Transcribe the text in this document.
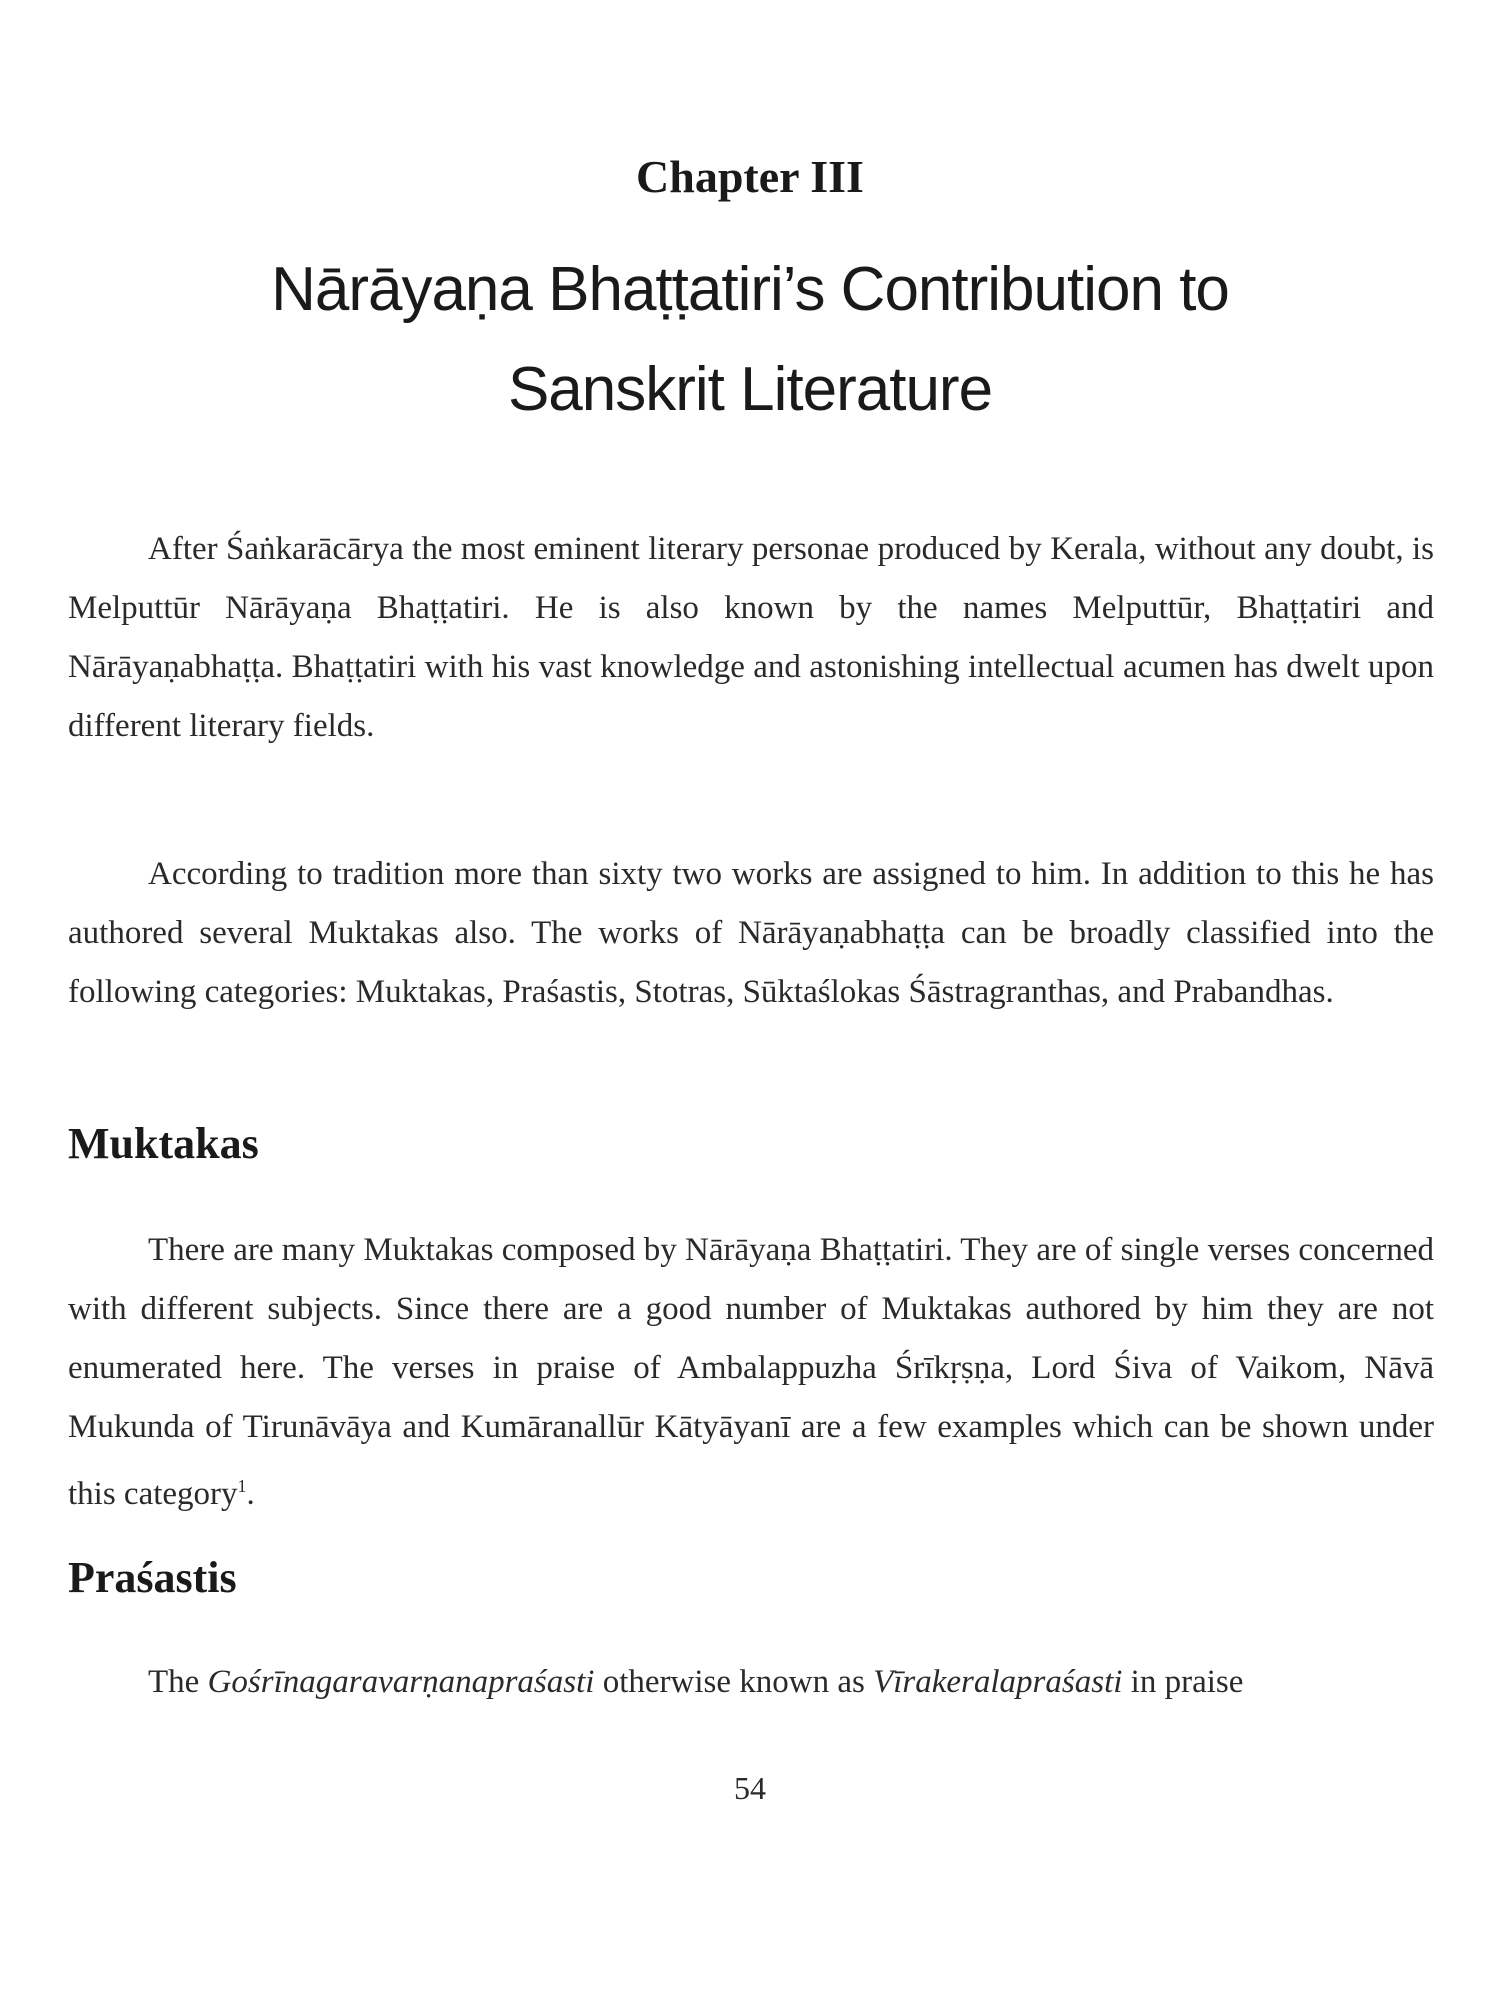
Chapter III
Nārāyaṇa Bhaṭṭatiri’s Contribution to
Sanskrit Literature

After Śaṅkarācārya the most eminent literary personae produced by Kerala, without any doubt, is Melputtūr Nārāyaṇa Bhaṭṭatiri. He is also known by the names Melputtūr, Bhaṭṭatiri and Nārāyaṇabhaṭṭa. Bhaṭṭatiri with his vast knowledge and astonishing intellectual acumen has dwelt upon different literary fields.

According to tradition more than sixty two works are assigned to him. In addition to this he has authored several Muktakas also. The works of Nārāyaṇabhaṭṭa can be broadly classified into the following categories: Muktakas, Praśastis, Stotras, Sūktaślokas Śāstragranthas, and Prabandhas.

Muktakas

There are many Muktakas composed by Nārāyaṇa Bhaṭṭatiri. They are of single verses concerned with different subjects. Since there are a good number of Muktakas authored by him they are not enumerated here. The verses in praise of Ambalappuzha Śrīkṛṣṇa, Lord Śiva of Vaikom, Nāvā Mukunda of Tirunāvāya and Kumāranallūr Kātyāyanī are a few examples which can be shown under this category$^1$.

Praśastis

The Gośrīnagaravarṇanapraśasti otherwise known as Vīrakeralapraśasti in praise

54
